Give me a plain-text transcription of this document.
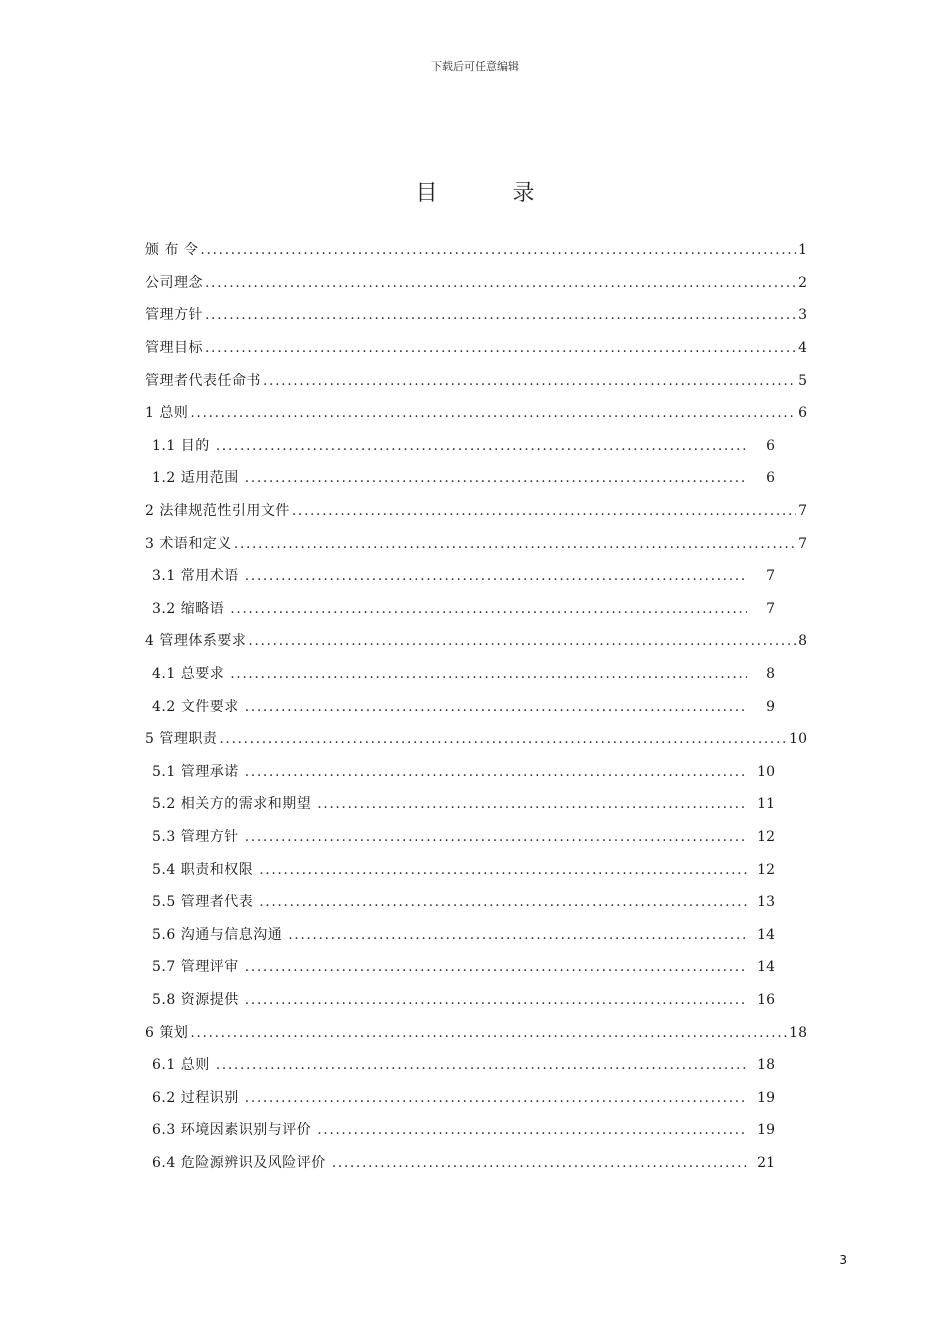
下载后可任意编辑
目 录
颁 布 令 .....	1
公司理念 .....	2
管理方针 .....	3
管理目标 .....	4
管理者代表任命书 .....	5
1 总则 .....	6
1.1 目的 .....	6
1.2 适用范围 .....	6
2 法律规范性引用文件 .....	7
3 术语和定义 .....	7
3.1 常用术语 .....	7
3.2 缩略语 .....	7
4 管理体系要求 .....	8
4.1 总要求 .....	8
4.2 文件要求 .....	9
5 管理职责 .....	10
5.1 管理承诺 .....	10
5.2 相关方的需求和期望 .....	11
5.3 管理方针 .....	12
5.4 职责和权限 .....	12
5.5 管理者代表 .....	13
5.6 沟通与信息沟通 .....	14
5.7 管理评审 .....	14
5.8 资源提供 .....	16
6 策划 .....	18
6.1 总则 .....	18
6.2 过程识别 .....	19
6.3 环境因素识别与评价 .....	19
6.4 危险源辨识及风险评价 .....	21
3
